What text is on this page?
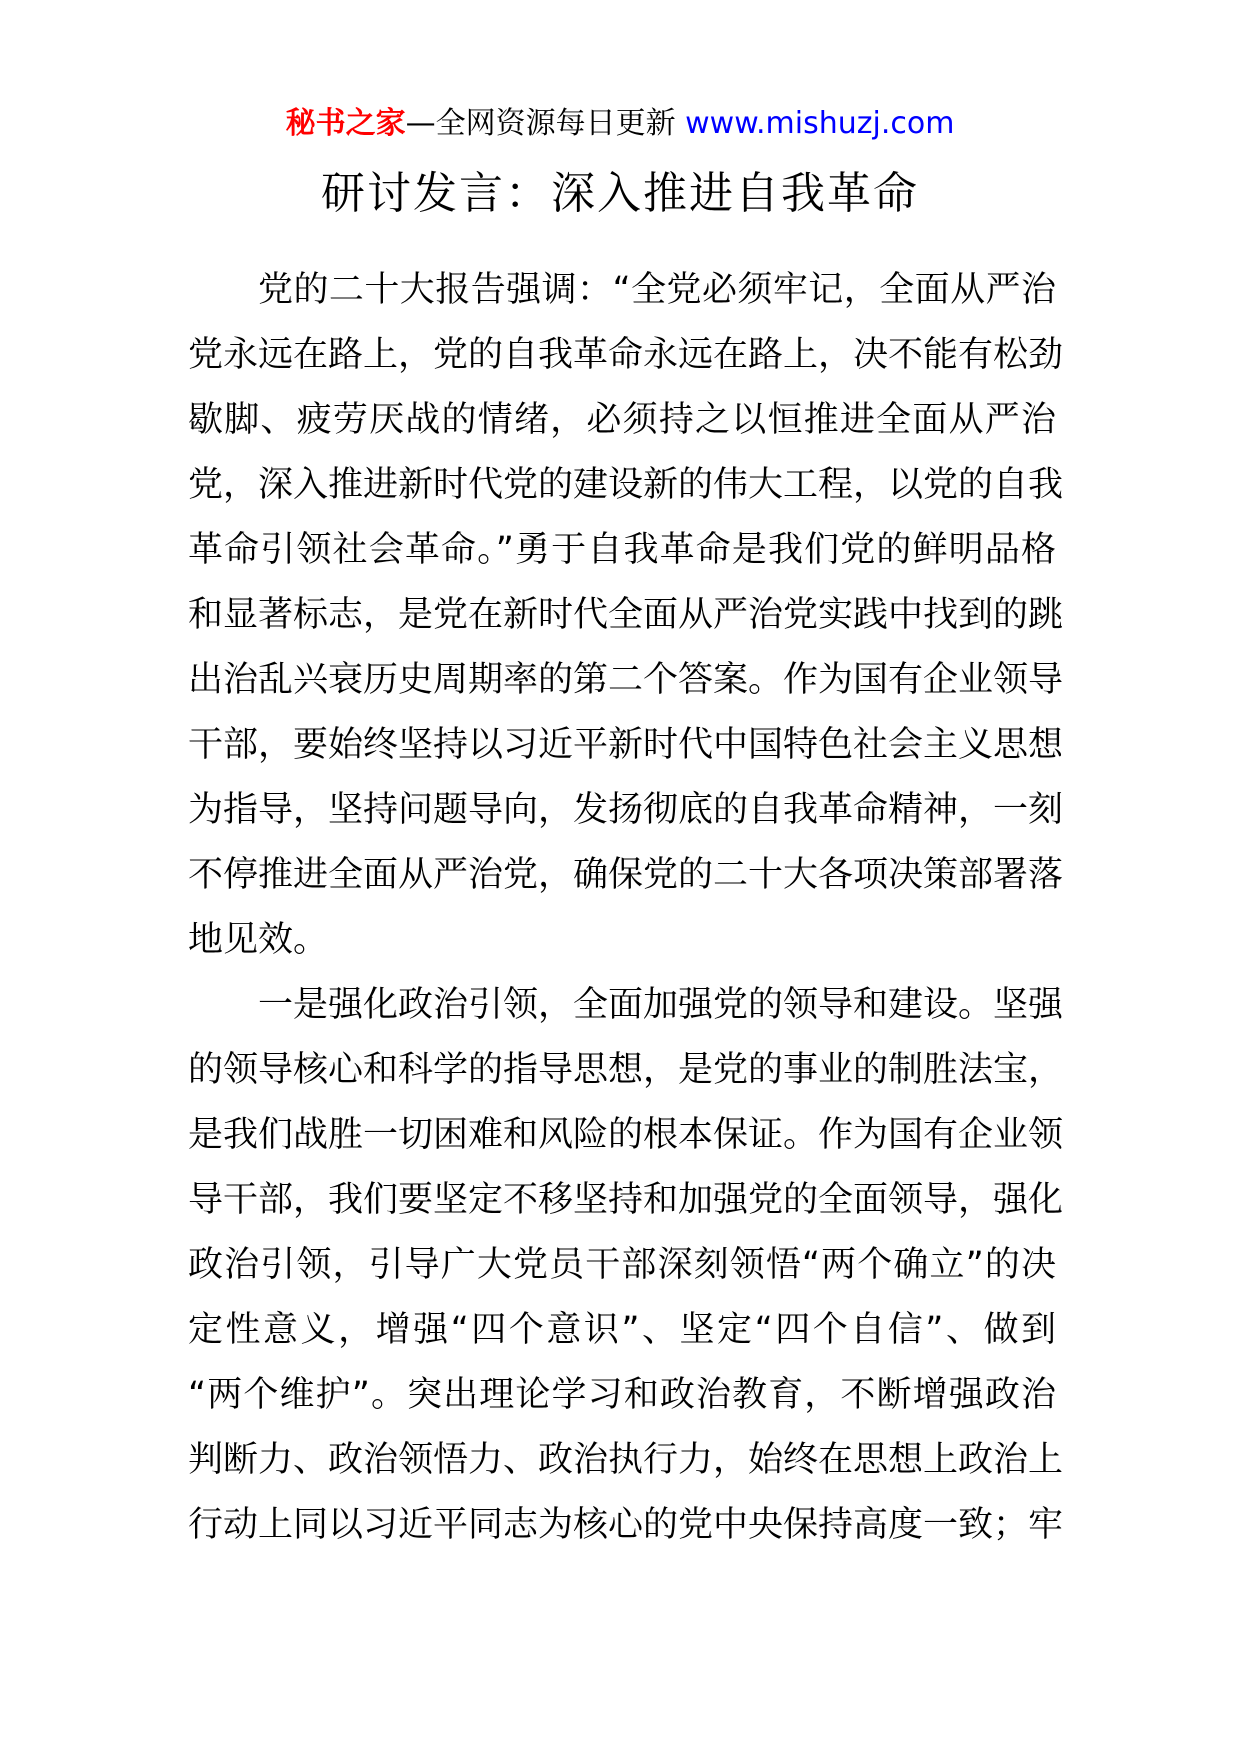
秘书之家—全网资源每日更新 www.mishuzj.com
研讨发言：深入推进自我革命
党的二十大报告强调：“全党必须牢记，全面从严治
党永远在路上，党的自我革命永远在路上，决不能有松劲
歇脚、疲劳厌战的情绪，必须持之以恒推进全面从严治
党，深入推进新时代党的建设新的伟大工程，以党的自我
革命引领社会革命。”勇于自我革命是我们党的鲜明品格
和显著标志，是党在新时代全面从严治党实践中找到的跳
出治乱兴衰历史周期率的第二个答案。作为国有企业领导
干部，要始终坚持以习近平新时代中国特色社会主义思想
为指导，坚持问题导向，发扬彻底的自我革命精神，一刻
不停推进全面从严治党，确保党的二十大各项决策部署落
地见效。
一是强化政治引领，全面加强党的领导和建设。坚强
的领导核心和科学的指导思想，是党的事业的制胜法宝，
是我们战胜一切困难和风险的根本保证。作为国有企业领
导干部，我们要坚定不移坚持和加强党的全面领导，强化
政治引领，引导广大党员干部深刻领悟“两个确立”的决
定性意义，增强“四个意识”、坚定“四个自信”、做到
“两个维护”。突出理论学习和政治教育，不断增强政治
判断力、政治领悟力、政治执行力，始终在思想上政治上
行动上同以习近平同志为核心的党中央保持高度一致；牢
